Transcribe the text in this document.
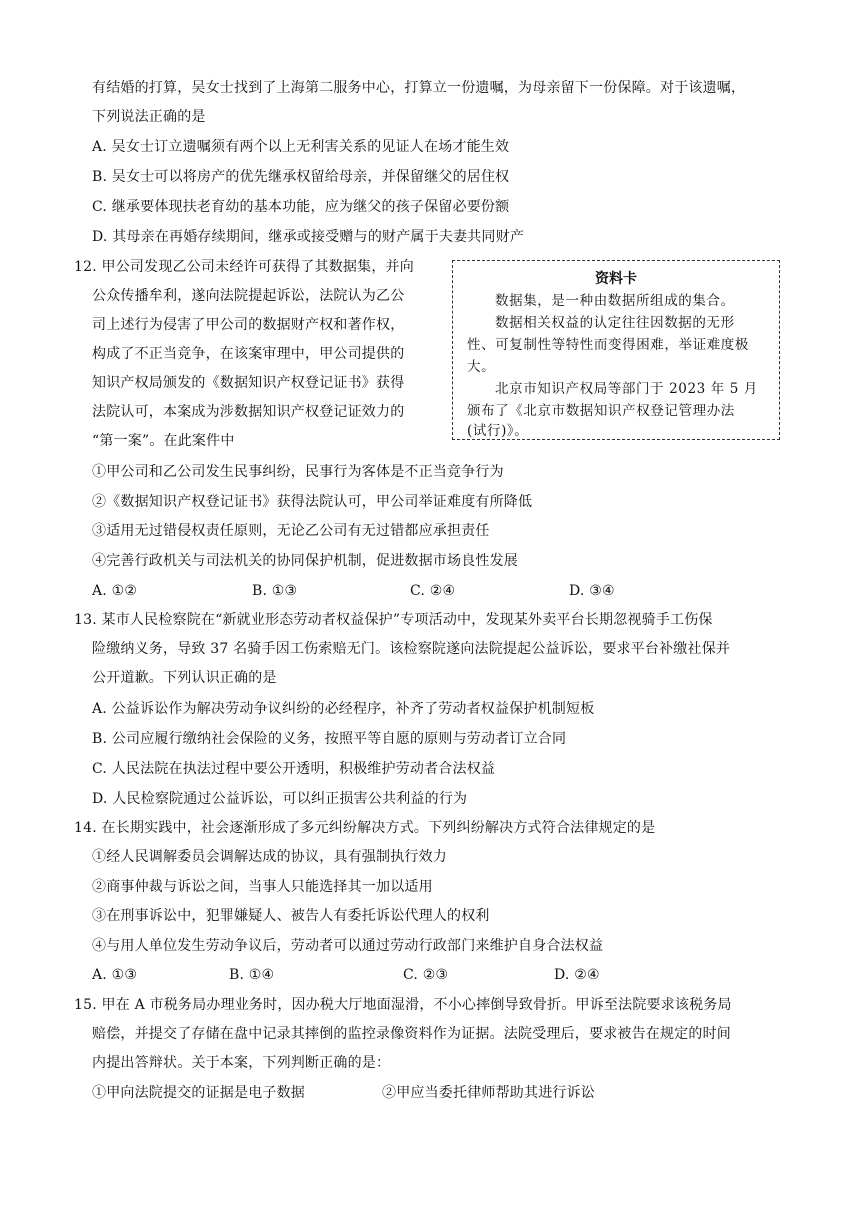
有结婚的打算，吴女士找到了上海第二服务中心，打算立一份遗嘱，为母亲留下一份保障。对于该遗嘱，
下列说法正确的是
A. 吴女士订立遗嘱须有两个以上无利害关系的见证人在场才能生效
B. 吴女士可以将房产的优先继承权留给母亲，并保留继父的居住权
C. 继承要体现扶老育幼的基本功能，应为继父的孩子保留必要份额
D. 其母亲在再婚存续期间，继承或接受赠与的财产属于夫妻共同财产
12. 甲公司发现乙公司未经许可获得了其数据集，并向
公众传播牟利，遂向法院提起诉讼，法院认为乙公
司上述行为侵害了甲公司的数据财产权和著作权，
构成了不正当竞争，在该案审理中，甲公司提供的
知识产权局颁发的《数据知识产权登记证书》获得
法院认可，本案成为涉数据知识产权登记证效力的
“第一案”。在此案件中
资料卡
数据集，是一种由数据所组成的集合。
数据相关权益的认定往往因数据的无形
性、可复制性等特性而变得困难，举证难度极
大。
北京市知识产权局等部门于 2023 年 5 月
颁布了《北京市数据知识产权登记管理办法
(试行)》。
①甲公司和乙公司发生民事纠纷，民事行为客体是不正当竞争行为
②《数据知识产权登记证书》获得法院认可，甲公司举证难度有所降低
③适用无过错侵权责任原则，无论乙公司有无过错都应承担责任
④完善行政机关与司法机关的协同保护机制，促进数据市场良性发展
A. ①②	B. ①③	C. ②④	D. ③④
13. 某市人民检察院在“新就业形态劳动者权益保护”专项活动中，发现某外卖平台长期忽视骑手工伤保
险缴纳义务，导致 37 名骑手因工伤索赔无门。该检察院遂向法院提起公益诉讼，要求平台补缴社保并
公开道歉。下列认识正确的是
A. 公益诉讼作为解决劳动争议纠纷的必经程序，补齐了劳动者权益保护机制短板
B. 公司应履行缴纳社会保险的义务，按照平等自愿的原则与劳动者订立合同
C. 人民法院在执法过程中要公开透明，积极维护劳动者合法权益
D. 人民检察院通过公益诉讼，可以纠正损害公共利益的行为
14. 在长期实践中，社会逐渐形成了多元纠纷解决方式。下列纠纷解决方式符合法律规定的是
①经人民调解委员会调解达成的协议，具有强制执行效力
②商事仲裁与诉讼之间，当事人只能选择其一加以适用
③在刑事诉讼中，犯罪嫌疑人、被告人有委托诉讼代理人的权利
④与用人单位发生劳动争议后，劳动者可以通过劳动行政部门来维护自身合法权益
A. ①③	B. ①④	C. ②③	D. ②④
15. 甲在 A 市税务局办理业务时，因办税大厅地面湿滑，不小心摔倒导致骨折。甲诉至法院要求该税务局
赔偿，并提交了存储在盘中记录其摔倒的监控录像资料作为证据。法院受理后，要求被告在规定的时间
内提出答辩状。关于本案，下列判断正确的是：
①甲向法院提交的证据是电子数据	②甲应当委托律师帮助其进行诉讼
